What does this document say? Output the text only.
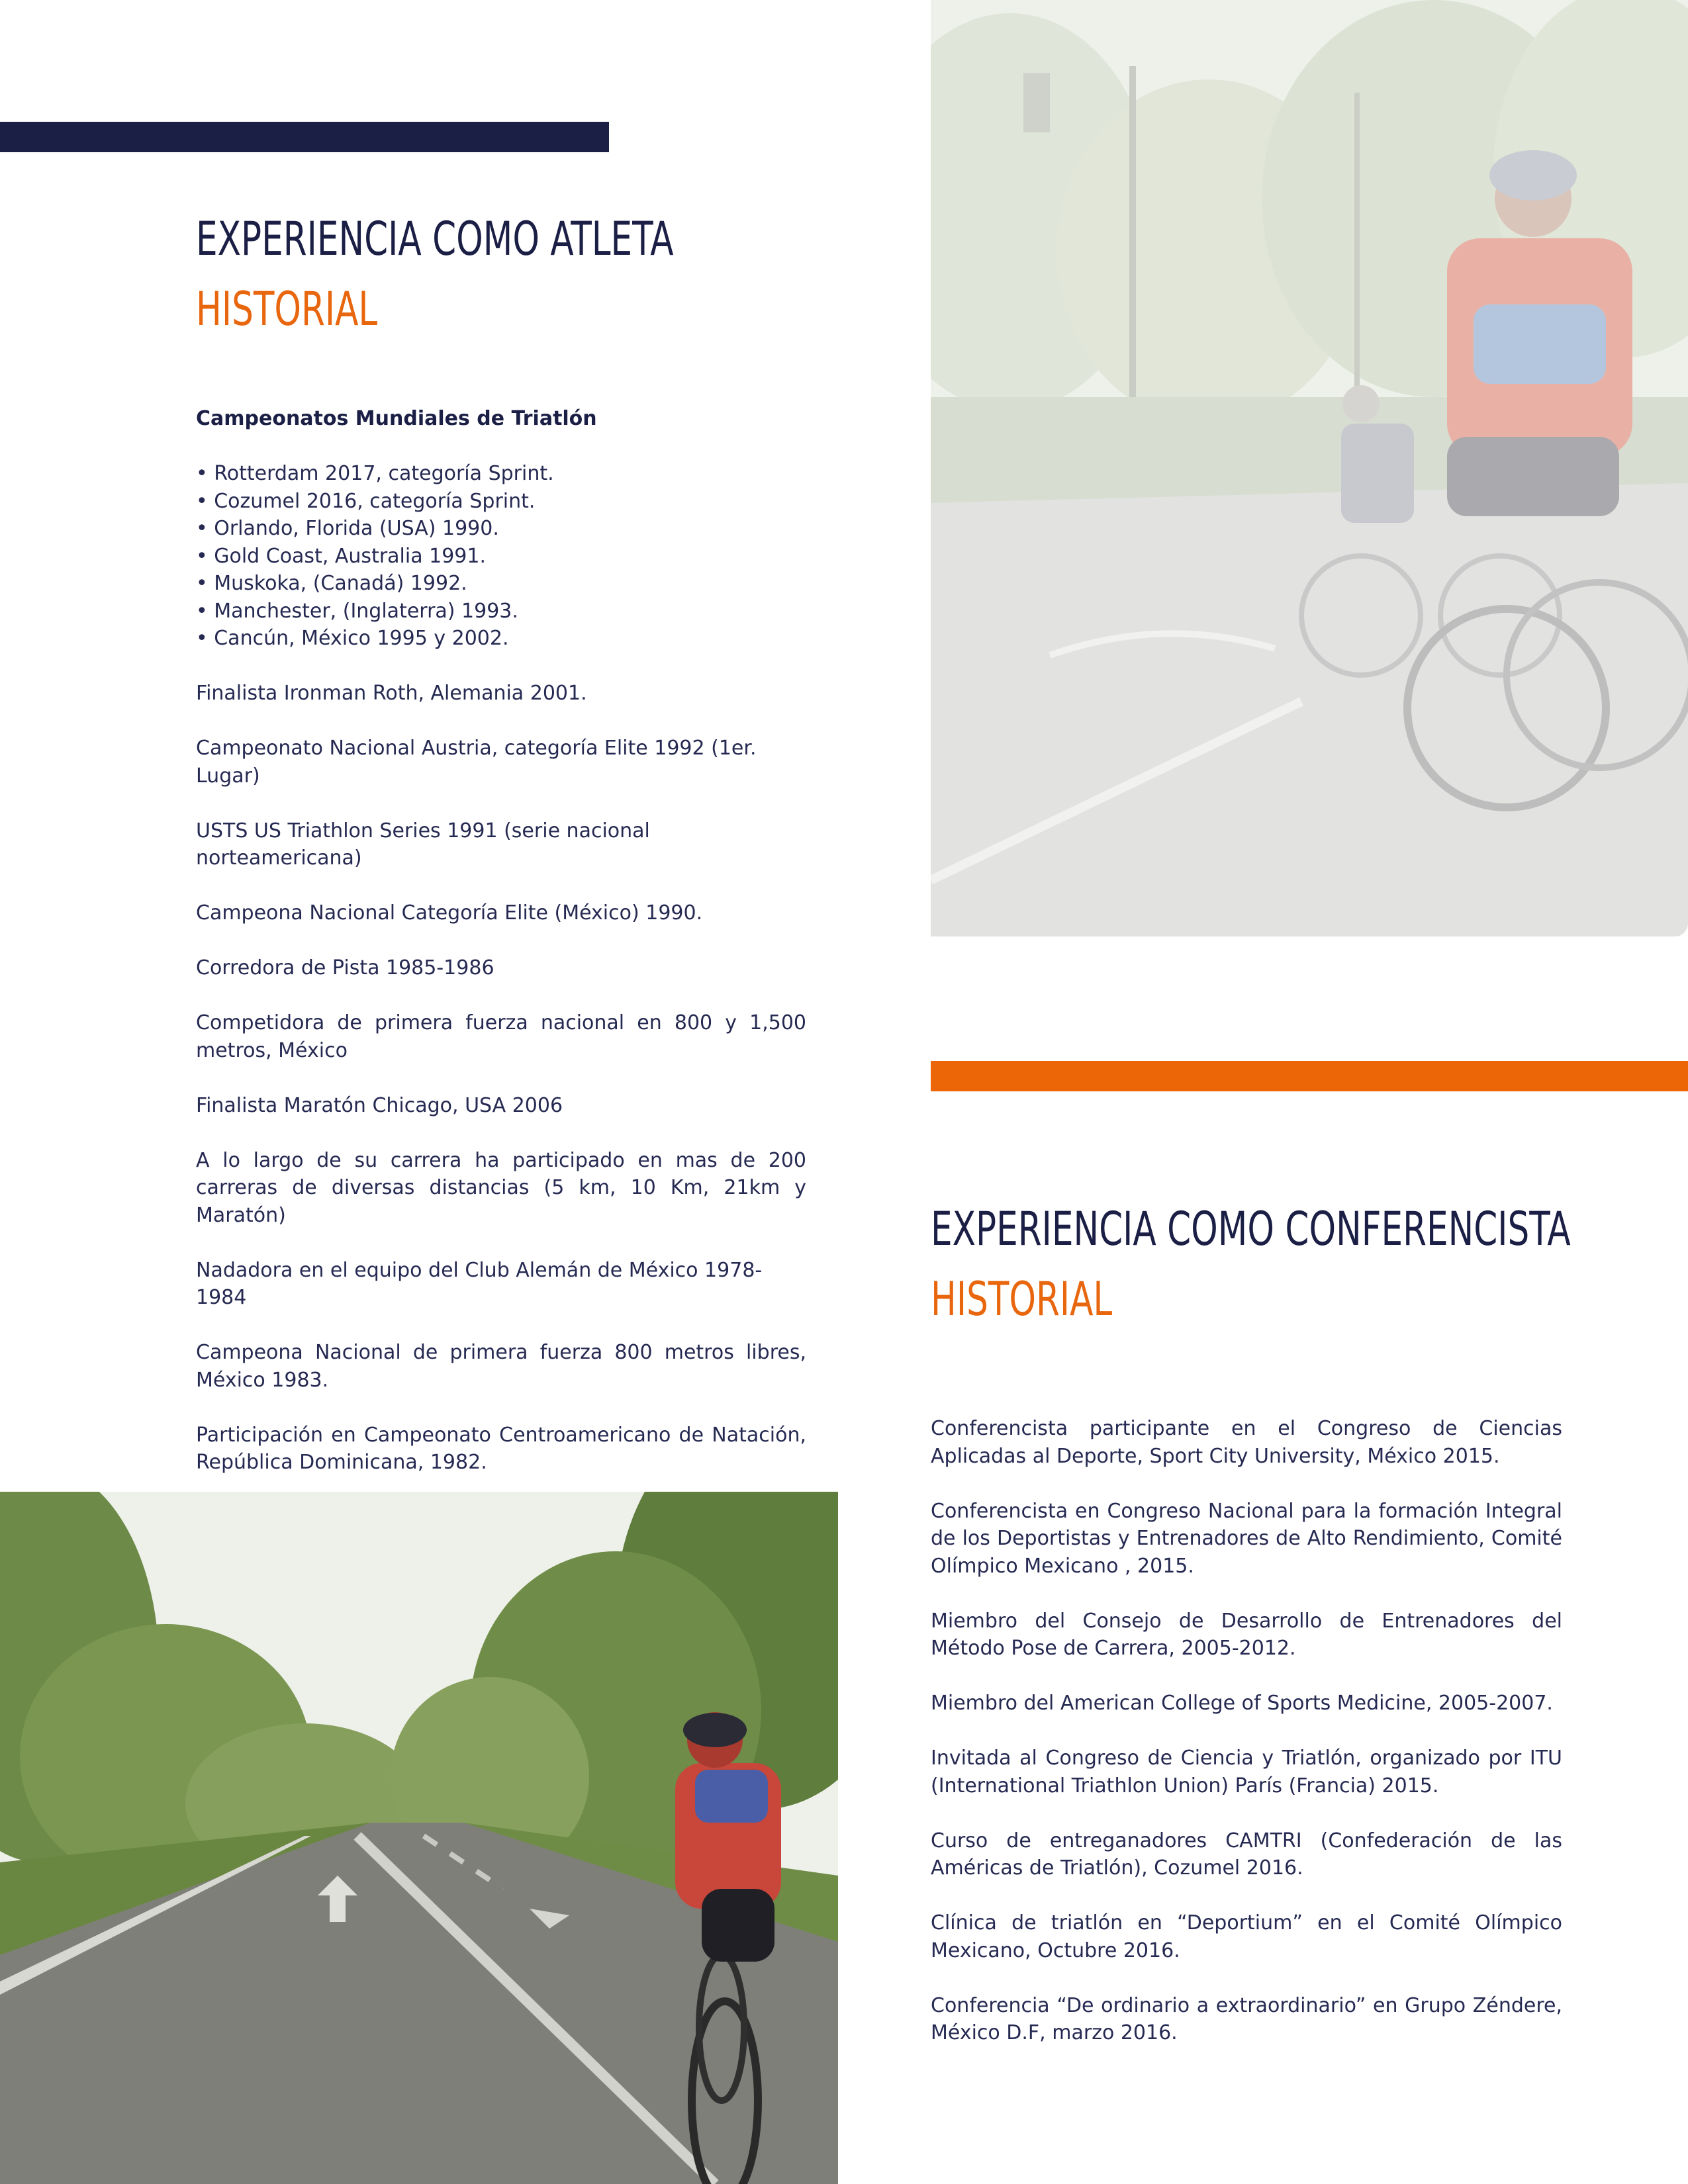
EXPERIENCIA COMO ATLETA
HISTORIAL

Campeonatos Mundiales de Triatlón

• Rotterdam 2017, categoría Sprint.
• Cozumel 2016, categoría Sprint.
• Orlando, Florida (USA) 1990.
• Gold Coast, Australia 1991.
• Muskoka, (Canadá) 1992.
• Manchester, (Inglaterra) 1993.
• Cancún, México 1995 y 2002.

Finalista Ironman Roth, Alemania 2001.

Campeonato Nacional Austria, categoría Elite 1992 (1er. Lugar)

USTS US Triathlon Series 1991 (serie nacional norteamericana)

Campeona Nacional Categoría Elite (México) 1990.

Corredora de Pista 1985-1986

Competidora de primera fuerza nacional en 800 y 1,500 metros, México

Finalista Maratón Chicago, USA 2006

A lo largo de su carrera ha participado en mas de 200 carreras de diversas distancias (5 km, 10 Km, 21km y Maratón)

Nadadora en el equipo del Club Alemán de México 1978-1984

Campeona Nacional de primera fuerza 800 metros libres, México 1983.

Participación en Campeonato Centroamericano de Natación, República Dominicana, 1982.

EXPERIENCIA COMO CONFERENCISTA
HISTORIAL

Conferencista participante en el Congreso de Ciencias Aplicadas al Deporte, Sport City University, México 2015.

Conferencista en Congreso Nacional para la formación Integral de los Deportistas y Entrenadores de Alto Rendimiento, Comité Olímpico Mexicano , 2015.

Miembro del Consejo de Desarrollo de Entrenadores del Método Pose de Carrera, 2005-2012.

Miembro del American College of Sports Medicine, 2005-2007.

Invitada al Congreso de Ciencia y Triatlón, organizado por ITU (International Triathlon Union) París (Francia) 2015.

Curso de entreganadores CAMTRI (Confederación de las Américas de Triatlón), Cozumel 2016.

Clínica de triatlón en “Deportium” en el Comité Olímpico Mexicano, Octubre 2016.

Conferencia “De ordinario a extraordinario” en Grupo Zéndere, México D.F, marzo 2016.
